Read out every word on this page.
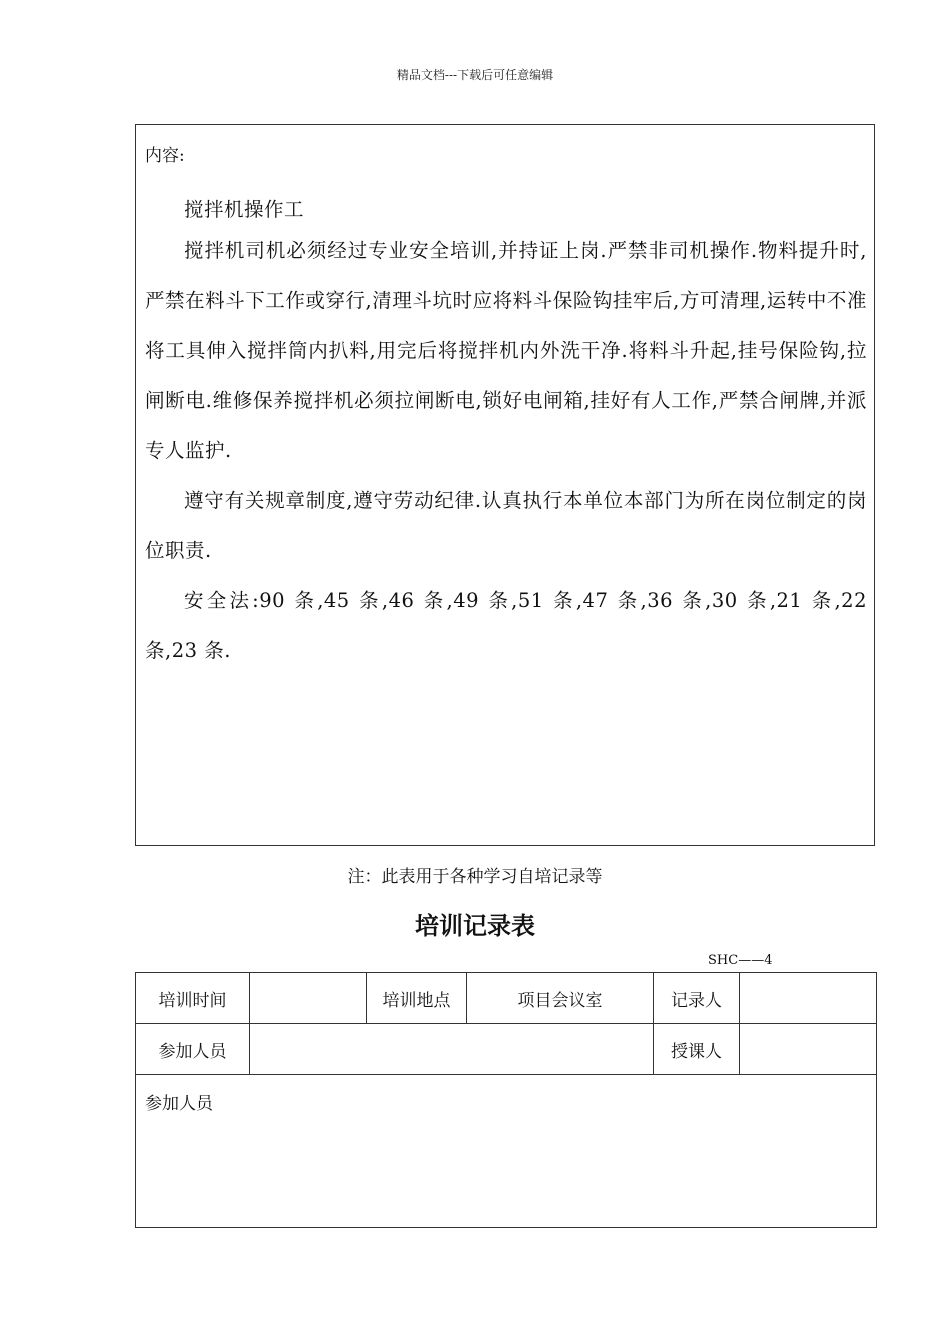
精品文档---下载后可任意编辑
内容:

搅拌机操作工

搅拌机司机必须经过专业安全培训,并持证上岗.严禁非司机操作.物料提升时,严禁在料斗下工作或穿行,清理斗坑时应将料斗保险钩挂牢后,方可清理,运转中不准将工具伸入搅拌筒内扒料,用完后将搅拌机内外洗干净.将料斗升起,挂号保险钩,拉闸断电.维修保养搅拌机必须拉闸断电,锁好电闸箱,挂好有人工作,严禁合闸牌,并派专人监护.

遵守有关规章制度,遵守劳动纪律.认真执行本单位本部门为所在岗位制定的岗位职责.

安全法:90 条,45 条,46 条,49 条,51 条,47 条,36 条,30 条,21 条,22 条,23 条.

注：此表用于各种学习自培记录等
培训记录表
SHC——4
培训时间		培训地点	项目会议室	记录人	
参加人员				授课人	
参加人员					
